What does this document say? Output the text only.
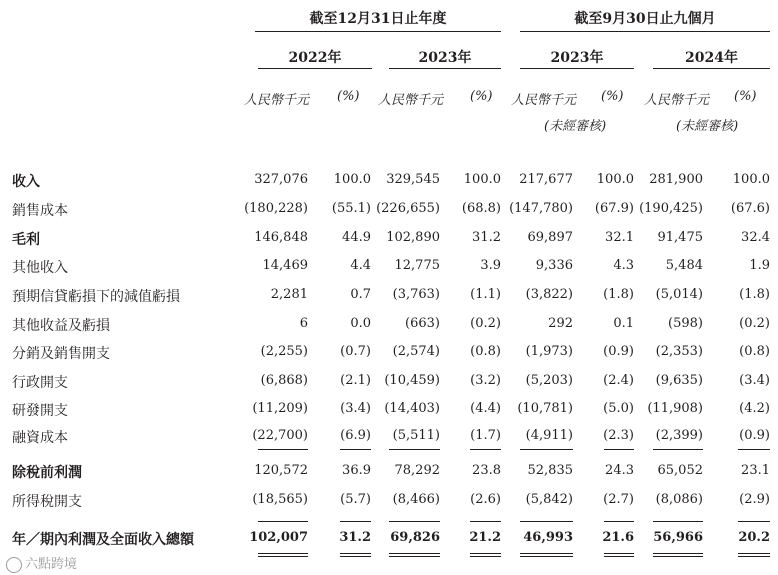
截至12月31日止年度	截至9月30日止九個月
2022年	2023年	2023年	2024年
人民幣千元 (%) 人民幣千元 (%) 人民幣千元 (%) 人民幣千元 (%)
(未經審核)	(未經審核)
收入	327,076 100.0 329,545 100.0 217,677 100.0 281,900 100.0
銷售成本	(180,228) (55.1) (226,655) (68.8) (147,780) (67.9) (190,425) (67.6)
毛利	146,848	44.9 102,890 31.2 69,897 32.1 91,475	32.4
其他收入	14,469	4.4 12,775	3.9	9,336	4.3 5,484	1.9
預期信貸虧損下的減值虧損	2,281	0.7 (3,763) (1.1) (3,822) (1.8) (5,014)	(1.8)
其他收益及虧損	6	0.0	(663) (0.2)	292	0.1	(598)	(0.2)
分銷及銷售開支	(2,255) (0.7) (2,574) (0.8) (1,973) (0.9) (2,353)	(0.8)
行政開支	(6,868) (2.1) (10,459) (3.2) (5,203) (2.4) (9,635)	(3.4)
研發開支	(11,209) (3.4) (14,403) (4.4) (10,781) (5.0) (11,908)	(4.2)
融資成本	(22,700) (6.9) (5,511) (1.7) (4,911) (2.3) (2,399)	(0.9)
除稅前利潤	120,572	36.9 78,292 23.8 52,835 24.3 65,052	23.1
所得稅開支	(18,565) (5.7) (8,466) (2.6) (5,842) (2.7) (8,086)	(2.9)
年／期內利潤及全面收入總額	102,007 31.2 69,826 21.2 46,993 21.6 56,966	20.2
六點跨境
